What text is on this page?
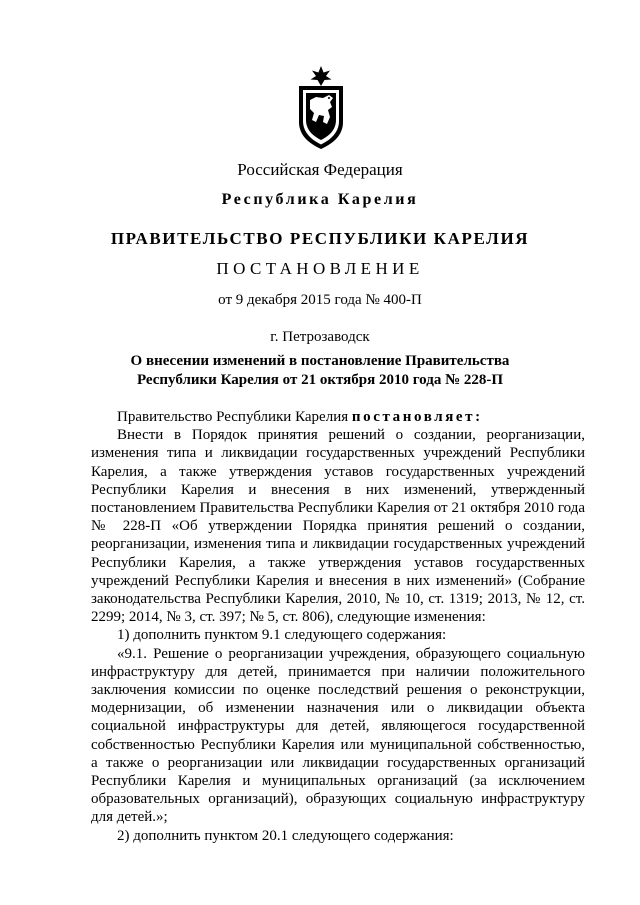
Российская Федерация
Республика Карелия
ПРАВИТЕЛЬСТВО РЕСПУБЛИКИ КАРЕЛИЯ
ПОСТАНОВЛЕНИЕ
от 9 декабря 2015 года № 400-П
г. Петрозаводск
О внесении изменений в постановление Правительства
Республики Карелия от 21 октября 2010 года № 228-П

Правительство Республики Карелия постановляет:

Внести в Порядок принятия решений о создании, реорганизации, изменения типа и ликвидации государственных учреждений Республики Карелия, а также утверждения уставов государственных учреждений Республики Карелия и внесения в них изменений, утвержденный постановлением Правительства Республики Карелия от 21 октября 2010 года № 228-П «Об утверждении Порядка принятия решений о создании, реорганизации, изменения типа и ликвидации государственных учреждений Республики Карелия, а также утверждения уставов государственных учреждений Республики Карелия и внесения в них изменений» (Собрание законодательства Республики Карелия, 2010, № 10, ст. 1319; 2013, № 12, ст. 2299; 2014, № 3, ст. 397; № 5, ст. 806), следующие изменения:

1) дополнить пунктом 9.1 следующего содержания:

«9.1. Решение о реорганизации учреждения, образующего социальную инфраструктуру для детей, принимается при наличии положительного заключения комиссии по оценке последствий решения о реконструкции, модернизации, об изменении назначения или о ликвидации объекта социальной инфраструктуры для детей, являющегося государственной собственностью Республики Карелия или муниципальной собственностью, а также о реорганизации или ликвидации государственных организаций Республики Карелия и муниципальных организаций (за исключением образовательных организаций), образующих социальную инфраструктуру для детей.»;

2) дополнить пунктом 20.1 следующего содержания:
